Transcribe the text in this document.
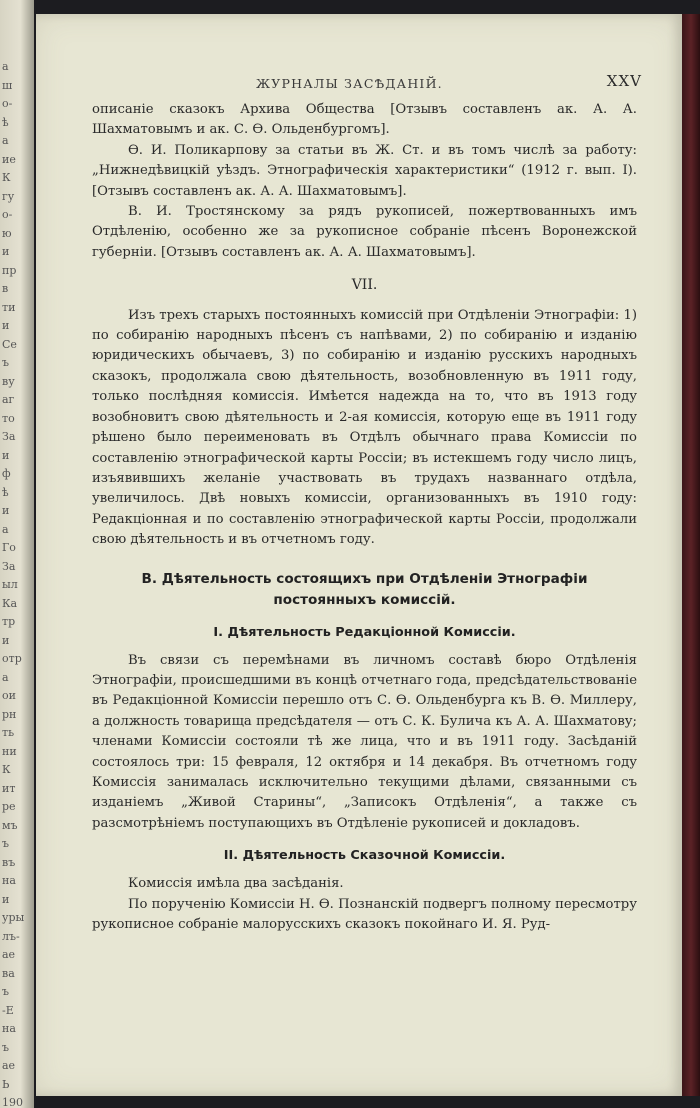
а
ш
о-
ѣ
а
ие
К
гу
о-
ю
и
пр
в
ти
и
Се
ъ
ву
аг
то
За
и
ф
ѣ
и
а
Го
За
ыл
Ка
тр
и
отр
а
ои
рн
ть
ни
К
ит
ре
мъ
ъ
въ
на
и
уры
лъ-
ае
ва
ъ
-Е
на
ъ
ае
Ь
190
ЖУРНАЛЫ ЗАСѢДАНІЙ.	XXV

описаніе сказокъ Архива Общества [Отзывъ составленъ ак. А. А. Шахматовымъ и ак. С. Ѳ. Ольденбургомъ].

Ѳ. И. Поликарпову за статьи въ Ж. Ст. и въ томъ числѣ за работу: „Нижнедѣвицкій уѣздъ. Этнографическія характеристики“ (1912 г. вып. I). [Отзывъ составленъ ак. А. А. Шахматовымъ].

В. И. Тростянскому за рядъ рукописей, пожертвованныхъ имъ Отдѣленію, особенно же за рукописное собраніе пѣсенъ Воронежской губерніи. [Отзывъ составленъ ак. А. А. Шахматовымъ].

VII.

Изъ трехъ старыхъ постоянныхъ комиссій при Отдѣленіи Этнографіи: 1) по собиранію народныхъ пѣсенъ съ напѣвами, 2) по собиранію и изданію юридическихъ обычаевъ, 3) по собиранію и изданію русскихъ народныхъ сказокъ, продолжала свою дѣятельность, возобновленную въ 1911 году, только послѣдняя комиссія. Имѣется надежда на то, что въ 1913 году возобновитъ свою дѣятельность и 2-ая комиссія, которую еще въ 1911 году рѣшено было переименовать въ Отдѣлъ обычнаго права Комиссіи по составленію этнографической карты Россіи; въ истекшемъ году число лицъ, изъявившихъ желаніе участвовать въ трудахъ названнаго отдѣла, увеличилось. Двѣ новыхъ комиссіи, организованныхъ въ 1910 году: Редакціонная и по составленію этнографической карты Россіи, продолжали свою дѣятельность и въ отчетномъ году.

В. Дѣятельность состоящихъ при Отдѣленіи Этнографіи постоянныхъ комиссій.
I. Дѣятельность Редакціонной Комиссіи.

Въ связи съ перемѣнами въ личномъ составѣ бюро Отдѣленія Этнографіи, происшедшими въ концѣ отчетнаго года, предсѣдательствованіе въ Редакціонной Комиссіи перешло отъ С. Ѳ. Ольденбурга къ В. Ѳ. Миллеру, а должность товарища предсѣдателя — отъ С. К. Булича къ А. А. Шахматову; членами Комиссіи состояли тѣ же лица, что и въ 1911 году. Засѣданій состоялось три: 15 февраля, 12 октября и 14 декабря. Въ отчетномъ году Комиссія занималась исключительно текущими дѣлами, связанными съ изданіемъ „Живой Старины“, „Записокъ Отдѣленія“, а также съ разсмотрѣніемъ поступающихъ въ Отдѣленіе рукописей и докладовъ.

II. Дѣятельность Сказочной Комиссіи.

Комиссія имѣла два засѣданія.

По порученію Комиссіи Н. Ѳ. Познанскій подвергъ полному пересмотру рукописное собраніе малорусскихъ сказокъ покойнаго И. Я. Руд-
